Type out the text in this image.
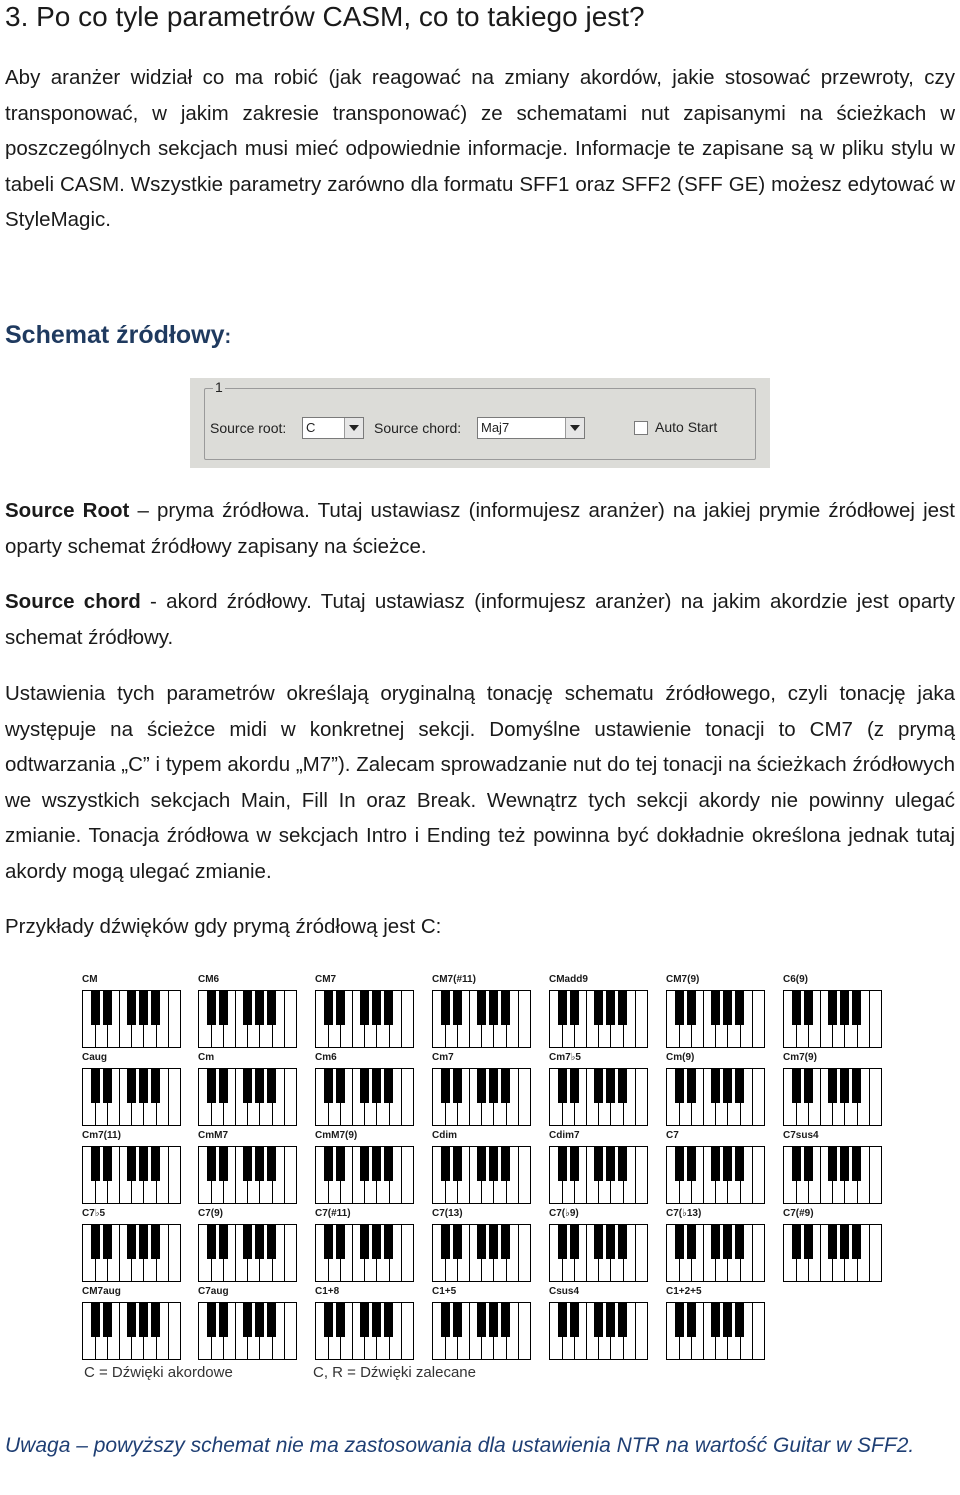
3. Po co tyle parametrów CASM, co to takiego jest?

Aby aranżer widział co ma robić (jak reagować na zmiany akordów, jakie stosować przewroty, czy transponować, w jakim zakresie transponować) ze schematami nut zapisanymi na ścieżkach w poszczególnych sekcjach musi mieć odpowiednie informacje. Informacje te zapisane są w pliku stylu w tabeli CASM. Wszystkie parametry zarówno dla formatu SFF1 oraz SFF2 (SFF GE) możesz edytować w StyleMagic.

Schemat źródłowy:
1
Source root: C	Source chord: Maj7	Auto Start

Source Root – pryma źródłowa. Tutaj ustawiasz (informujesz aranżer) na jakiej prymie źródłowej jest oparty schemat źródłowy zapisany na ścieżce.

Source chord - akord źródłowy. Tutaj ustawiasz (informujesz aranżer) na jakim akordzie jest oparty schemat źródłowy.

Ustawienia tych parametrów określają oryginalną tonację schematu źródłowego, czyli tonację jaka występuje na ścieżce midi w konkretnej sekcji. Domyślne ustawienie tonacji to CM7 (z prymą odtwarzania „C” i typem akordu „M7”). Zalecam sprowadzanie nut do tej tonacji na ścieżkach źródłowych we wszystkich sekcjach Main, Fill In oraz Break. Wewnątrz tych sekcji akordy nie powinny ulegać zmianie. Tonacja źródłowa w sekcjach Intro i Ending też powinna być dokładnie określona jednak tutaj akordy mogą ulegać zmianie.

Przykłady dźwięków gdy prymą źródłową jest C:

C = Dźwięki akordowe	C, R = Dźwięki zalecane
CM	CM6	CM7	CM7(#11)	CMadd9	CM7(9)	C6(9)
Caug	Cm	Cm6	Cm7	Cm7♭5	Cm(9)	Cm7(9)
Cm7(11)	CmM7	CmM7(9)	Cdim	Cdim7	C7	C7sus4
C7♭5	C7(9)	C7(#11)	C7(13)	C7(♭9)	C7(♭13)	C7(#9)
CM7aug	C7aug	C1+8	C1+5	Csus4	C1+2+5

Uwaga – powyższy schemat nie ma zastosowania dla ustawienia NTR na wartość Guitar w SFF2.
